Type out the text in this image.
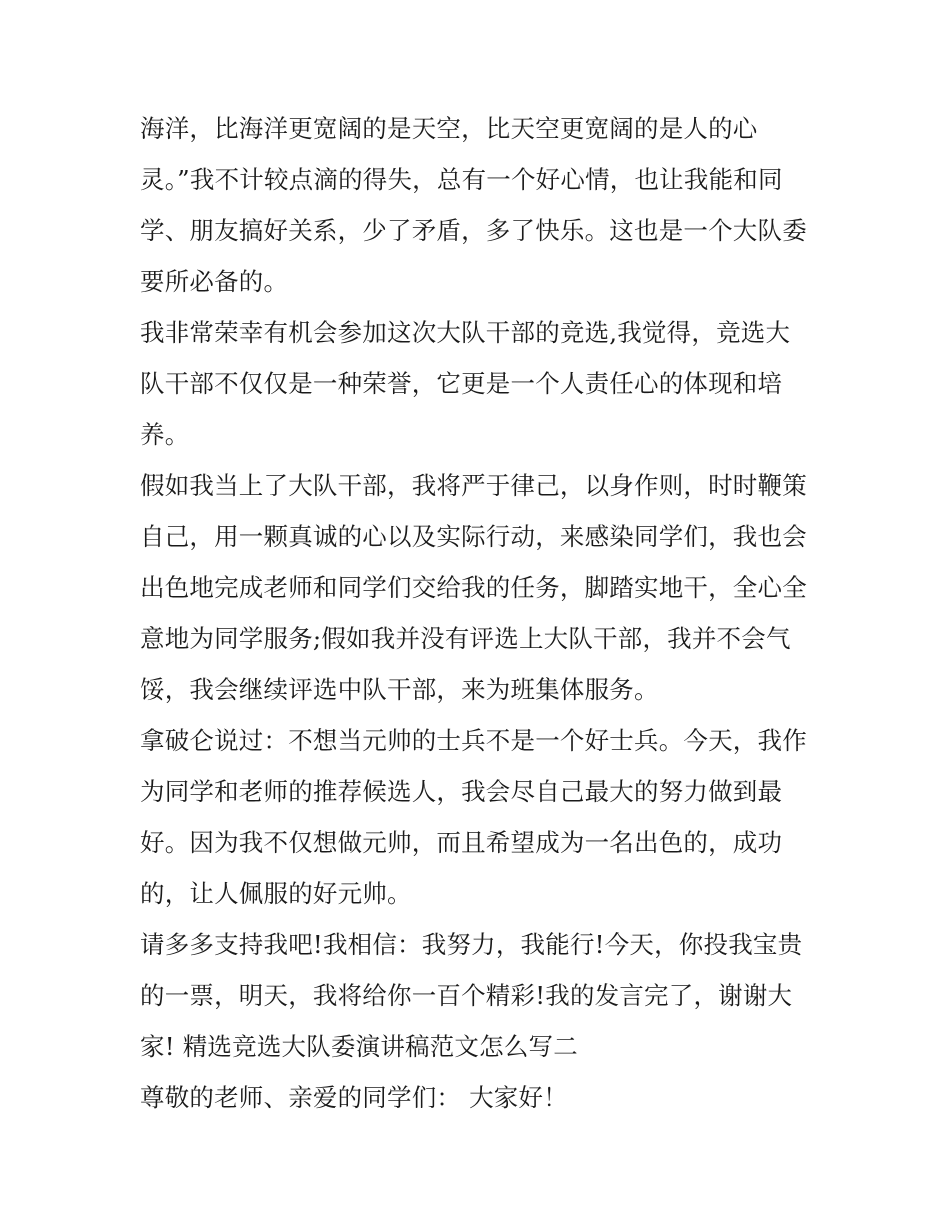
海洋，比海洋更宽阔的是天空，比天空更宽阔的是人的心
灵。”我不计较点滴的得失，总有一个好心情，也让我能和同
学、朋友搞好关系，少了矛盾，多了快乐。这也是一个大队委
要所必备的。
我非常荣幸有机会参加这次大队干部的竞选,我觉得，竞选大
队干部不仅仅是一种荣誉，它更是一个人责任心的体现和培
养。
假如我当上了大队干部，我将严于律己，以身作则，时时鞭策
自己，用一颗真诚的心以及实际行动，来感染同学们，我也会
出色地完成老师和同学们交给我的任务，脚踏实地干，全心全
意地为同学服务;假如我并没有评选上大队干部，我并不会气
馁，我会继续评选中队干部，来为班集体服务。
拿破仑说过：不想当元帅的士兵不是一个好士兵。今天，我作
为同学和老师的推荐候选人，我会尽自己最大的努力做到最
好。因为我不仅想做元帅，而且希望成为一名出色的，成功
的，让人佩服的好元帅。
请多多支持我吧!我相信：我努力，我能行!今天，你投我宝贵
的一票，明天，我将给你一百个精彩!我的发言完了，谢谢大
家! 精选竞选大队委演讲稿范文怎么写二
尊敬的老师、亲爱的同学们： 大家好！
